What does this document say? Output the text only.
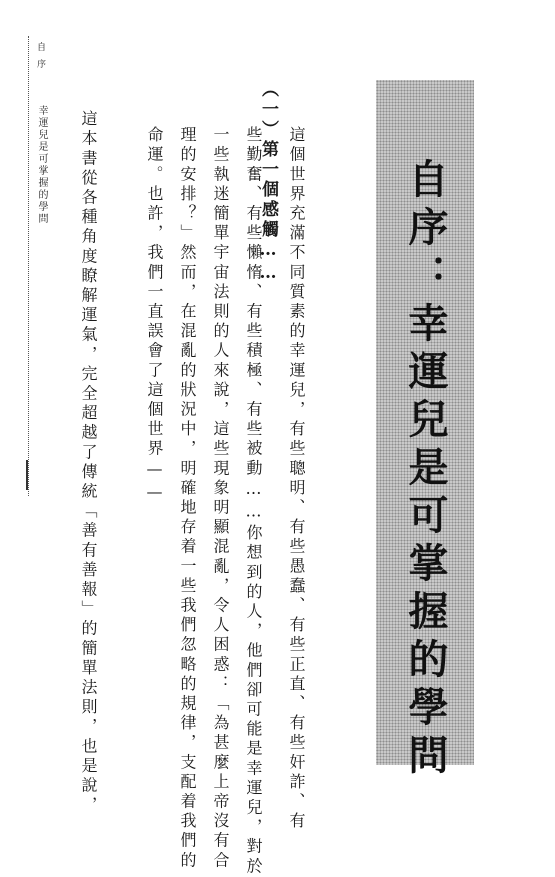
自序
幸運兒是可掌握的學問	這個世界充滿不同質素的幸運兒，有些聰明、有些愚蠢、有些正直、有些奸詐、有
些勤奮、有些懶惰、有些積極、有些被動……你想到的人，他們卻可能是幸運兒，對於
一些執迷簡單宇宙法則的人來說，這些現象明顯混亂，令人困惑：「為甚麼上帝沒有合
理的安排？」然而，在混亂的狀況中，明確地存着一些我們忽略的規律，支配着我們的
命運。也許，我們一直誤會了這個世界——
這本書從各種角度瞭解運氣，完全超越了傳統「善有善報」的簡單法則，也是說，	（一）第一個感觸……	自序：幸運兒是可掌握的學問
